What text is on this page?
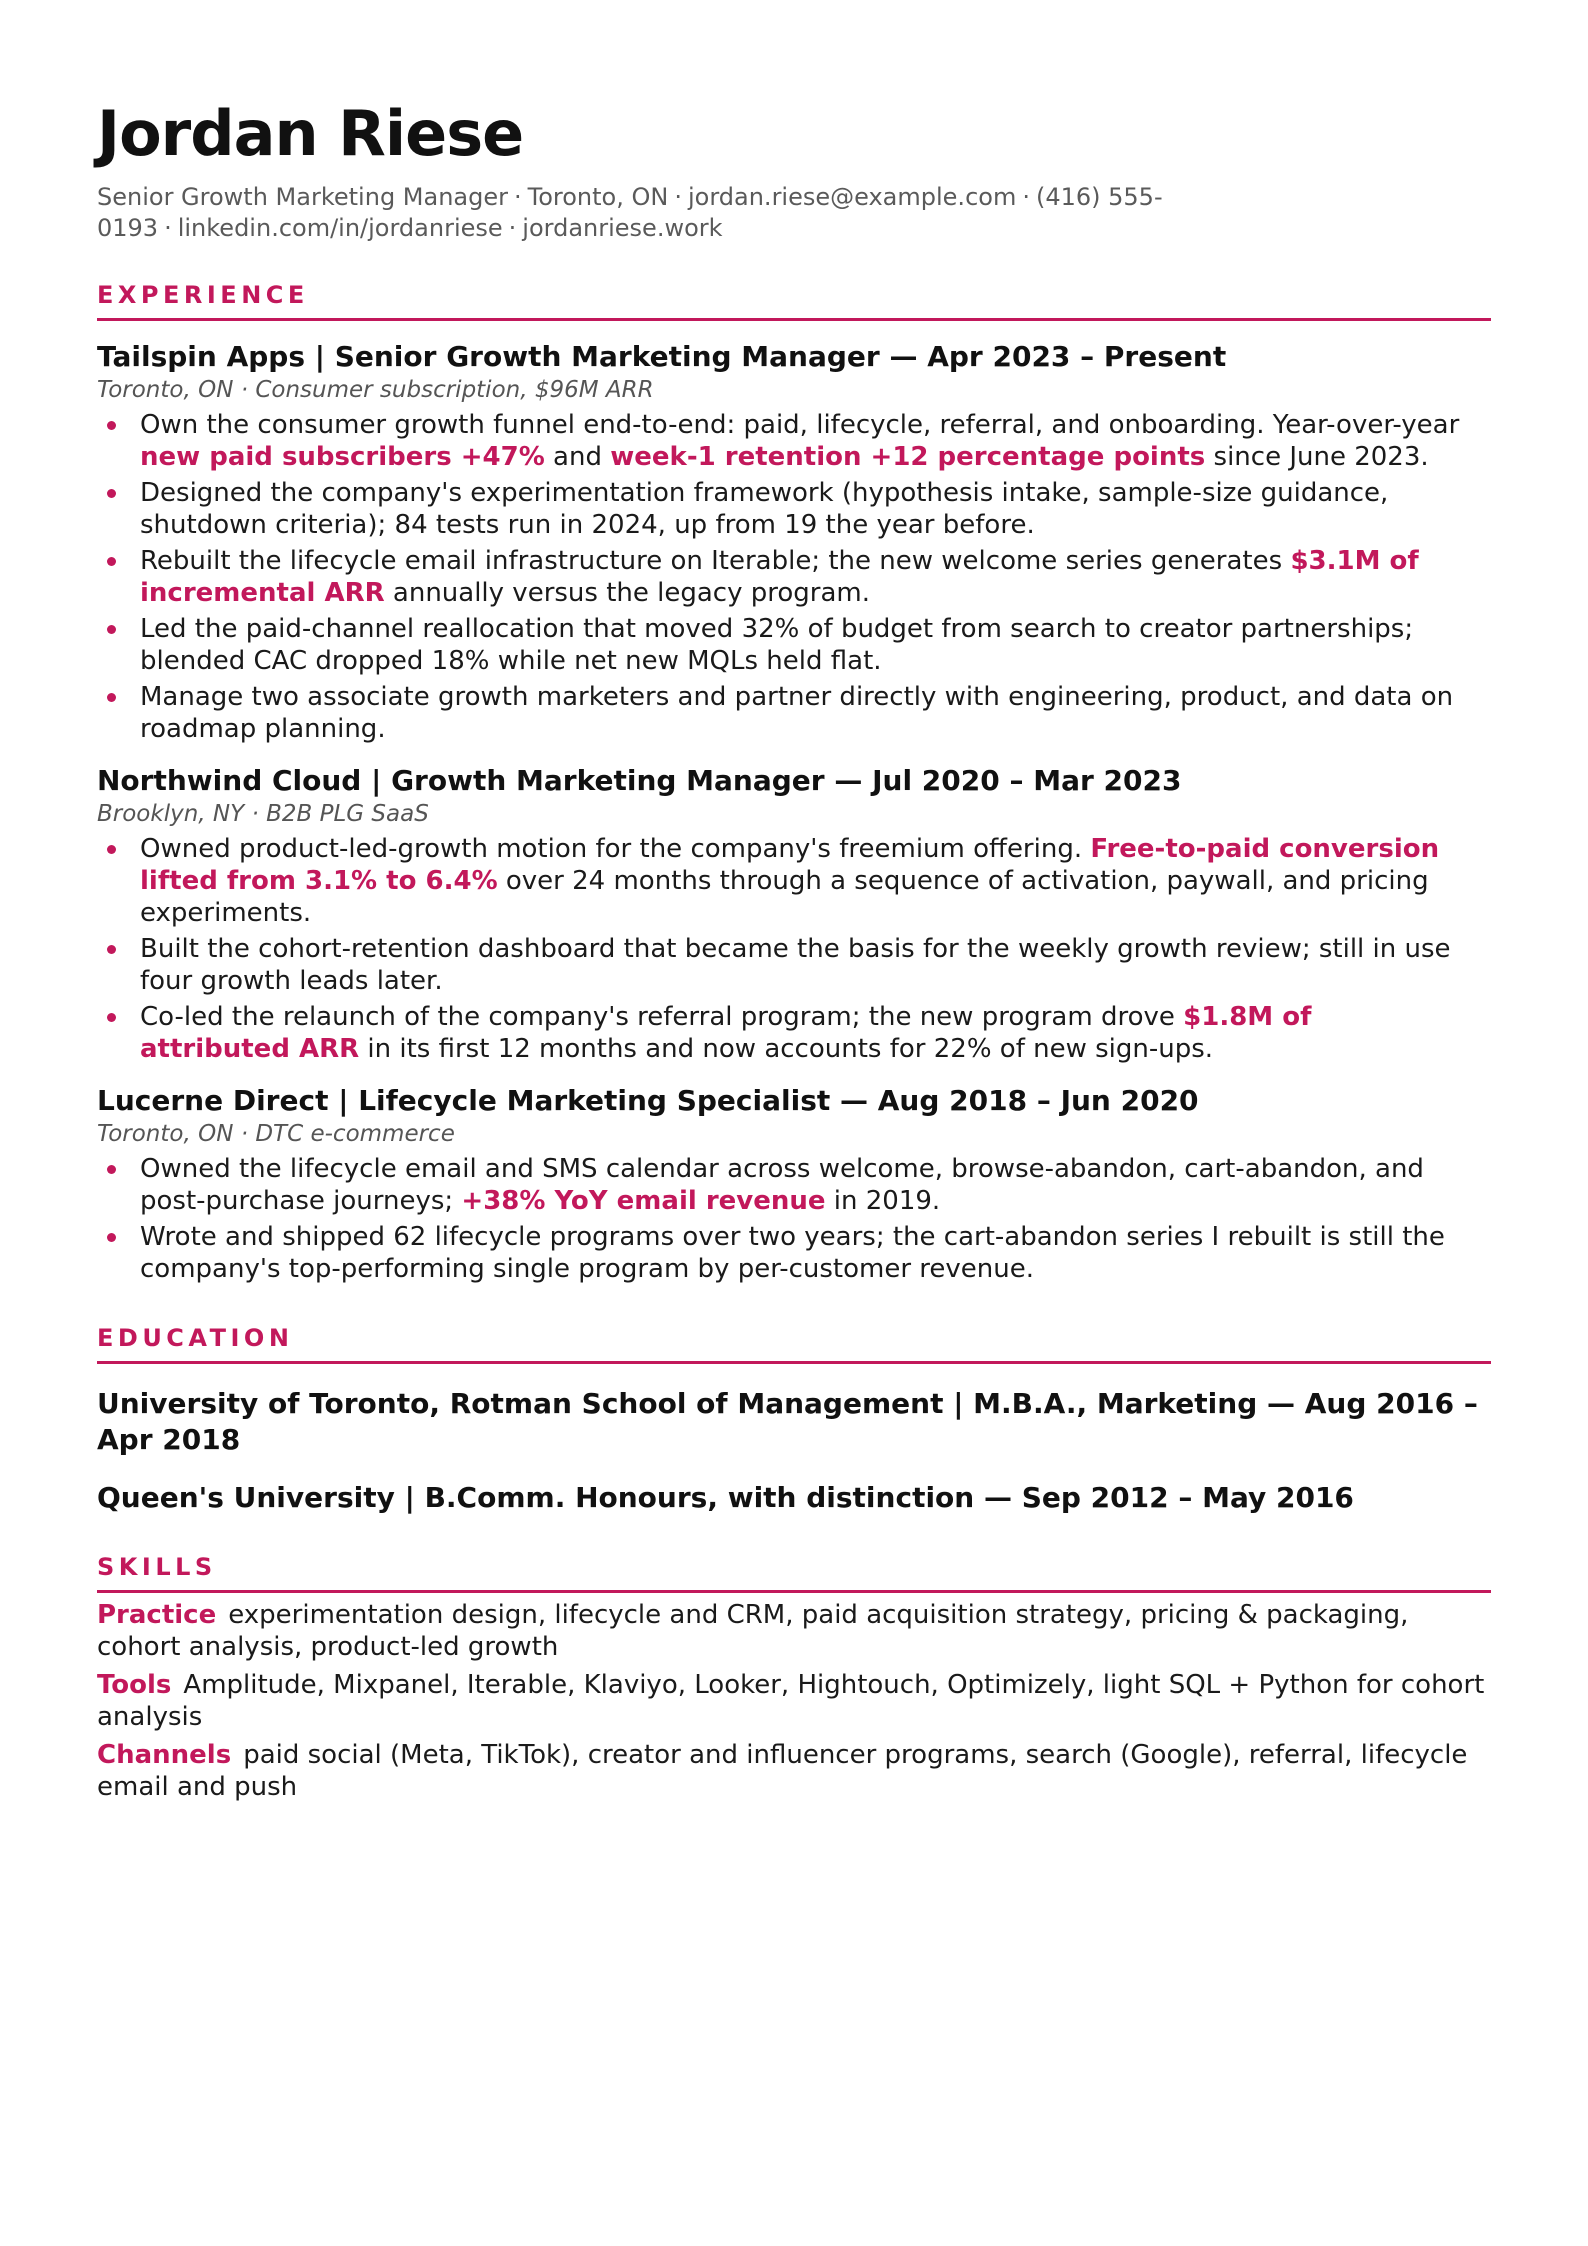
Jordan Riese
Senior Growth Marketing Manager · Toronto, ON · jordan.riese@example.com · (416) 555-0193 · linkedin.com/in/jordanriese · jordanriese.work
EXPERIENCE
Tailspin Apps | Senior Growth Marketing Manager — Apr 2023 – Present
Toronto, ON · Consumer subscription, $96M ARR
Own the consumer growth funnel end-to-end: paid, lifecycle, referral, and onboarding. Year-over-year new paid subscribers +47% and week-1 retention +12 percentage points since June 2023.
Designed the company's experimentation framework (hypothesis intake, sample-size guidance, shutdown criteria); 84 tests run in 2024, up from 19 the year before.
Rebuilt the lifecycle email infrastructure on Iterable; the new welcome series generates $3.1M of incremental ARR annually versus the legacy program.
Led the paid-channel reallocation that moved 32% of budget from search to creator partnerships; blended CAC dropped 18% while net new MQLs held flat.
Manage two associate growth marketers and partner directly with engineering, product, and data on roadmap planning.
Northwind Cloud | Growth Marketing Manager — Jul 2020 – Mar 2023
Brooklyn, NY · B2B PLG SaaS
Owned product-led-growth motion for the company's freemium offering. Free-to-paid conversion lifted from 3.1% to 6.4% over 24 months through a sequence of activation, paywall, and pricing experiments.
Built the cohort-retention dashboard that became the basis for the weekly growth review; still in use four growth leads later.
Co-led the relaunch of the company's referral program; the new program drove $1.8M of attributed ARR in its first 12 months and now accounts for 22% of new sign-ups.
Lucerne Direct | Lifecycle Marketing Specialist — Aug 2018 – Jun 2020
Toronto, ON · DTC e-commerce
Owned the lifecycle email and SMS calendar across welcome, browse-abandon, cart-abandon, and post-purchase journeys; +38% YoY email revenue in 2019.
Wrote and shipped 62 lifecycle programs over two years; the cart-abandon series I rebuilt is still the company's top-performing single program by per-customer revenue.
EDUCATION
University of Toronto, Rotman School of Management | M.B.A., Marketing — Aug 2016 – Apr 2018
Queen's University | B.Comm. Honours, with distinction — Sep 2012 – May 2016
SKILLS
Practice experimentation design, lifecycle and CRM, paid acquisition strategy, pricing & packaging, cohort analysis, product-led growth
Tools Amplitude, Mixpanel, Iterable, Klaviyo, Looker, Hightouch, Optimizely, light SQL + Python for cohort analysis
Channels paid social (Meta, TikTok), creator and influencer programs, search (Google), referral, lifecycle email and push
